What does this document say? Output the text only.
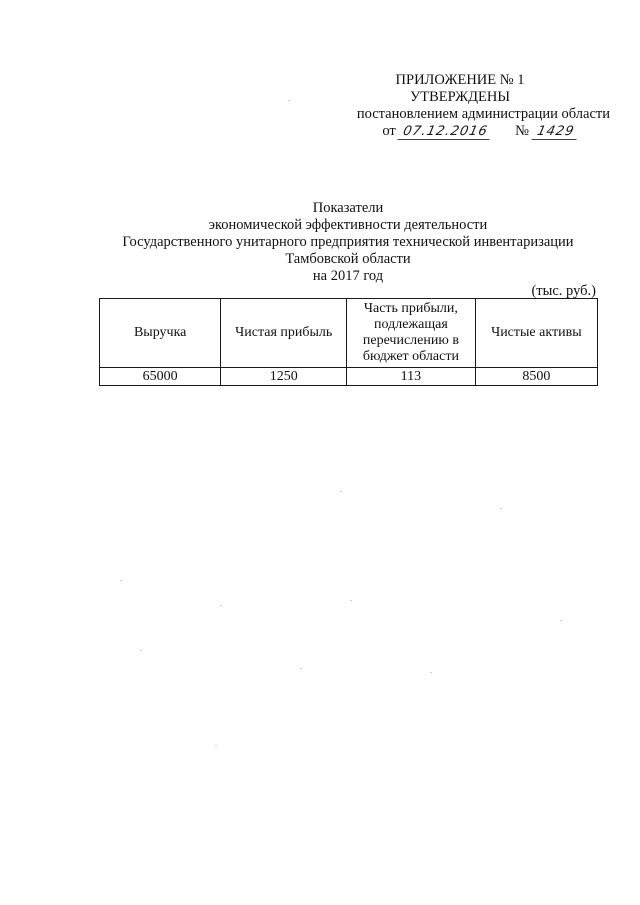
ПРИЛОЖЕНИЕ № 1
УТВЕРЖДЕНЫ
постановлением администрации области
от 07.12.2016 № 1429
Показатели
экономической эффективности деятельности
Государственного унитарного предприятия технической инвентаризации
Тамбовской области
на 2017 год
(тыс. руб.)
Выручка	Чистая прибыль	Часть прибыли, подлежащая перечислению в бюджет области	Чистые активы
65000	1250	113	8500
